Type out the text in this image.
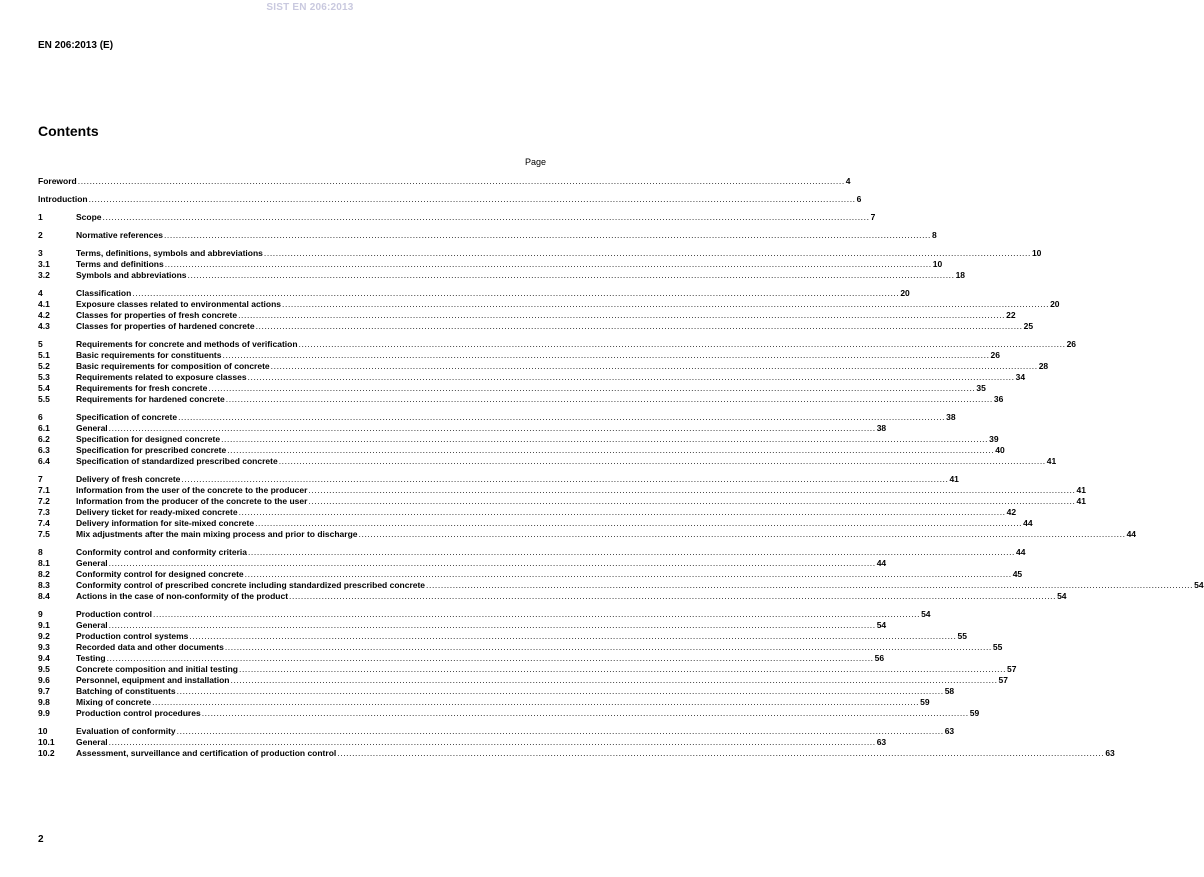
SIST EN 206:2013
EN 206:2013 (E)
Contents
Page
Foreword .....	4
Introduction .....	6
1	Scope .....	7
2	Normative references .....	8
3	Terms, definitions, symbols and abbreviations .....	10
3.1	Terms and definitions .....	10
3.2	Symbols and abbreviations .....	18
4	Classification .....	20
4.1	Exposure classes related to environmental actions .....	20
4.2	Classes for properties of fresh concrete .....	22
4.3	Classes for properties of hardened concrete .....	25
5	Requirements for concrete and methods of verification .....	26
5.1	Basic requirements for constituents .....	26
5.2	Basic requirements for composition of concrete .....	28
5.3	Requirements related to exposure classes .....	34
5.4	Requirements for fresh concrete .....	35
5.5	Requirements for hardened concrete .....	36
6	Specification of concrete .....	38
6.1	General .....	38
6.2	Specification for designed concrete .....	39
6.3	Specification for prescribed concrete .....	40
6.4	Specification of standardized prescribed concrete .....	41
7	Delivery of fresh concrete .....	41
7.1	Information from the user of the concrete to the producer .....	41
7.2	Information from the producer of the concrete to the user .....	41
7.3	Delivery ticket for ready-mixed concrete .....	42
7.4	Delivery information for site-mixed concrete .....	44
7.5	Mix adjustments after the main mixing process and prior to discharge .....	44
8	Conformity control and conformity criteria .....	44
8.1	General .....	44
8.2	Conformity control for designed concrete .....	45
8.3	Conformity control of prescribed concrete including standardized prescribed concrete .....	54
8.4	Actions in the case of non-conformity of the product .....	54
9	Production control .....	54
9.1	General .....	54
9.2	Production control systems .....	55
9.3	Recorded data and other documents .....	55
9.4	Testing .....	56
9.5	Concrete composition and initial testing .....	57
9.6	Personnel, equipment and installation .....	57
9.7	Batching of constituents .....	58
9.8	Mixing of concrete .....	59
9.9	Production control procedures .....	59
10	Evaluation of conformity .....	63
10.1	General .....	63
10.2	Assessment, surveillance and certification of production control .....	63
2
